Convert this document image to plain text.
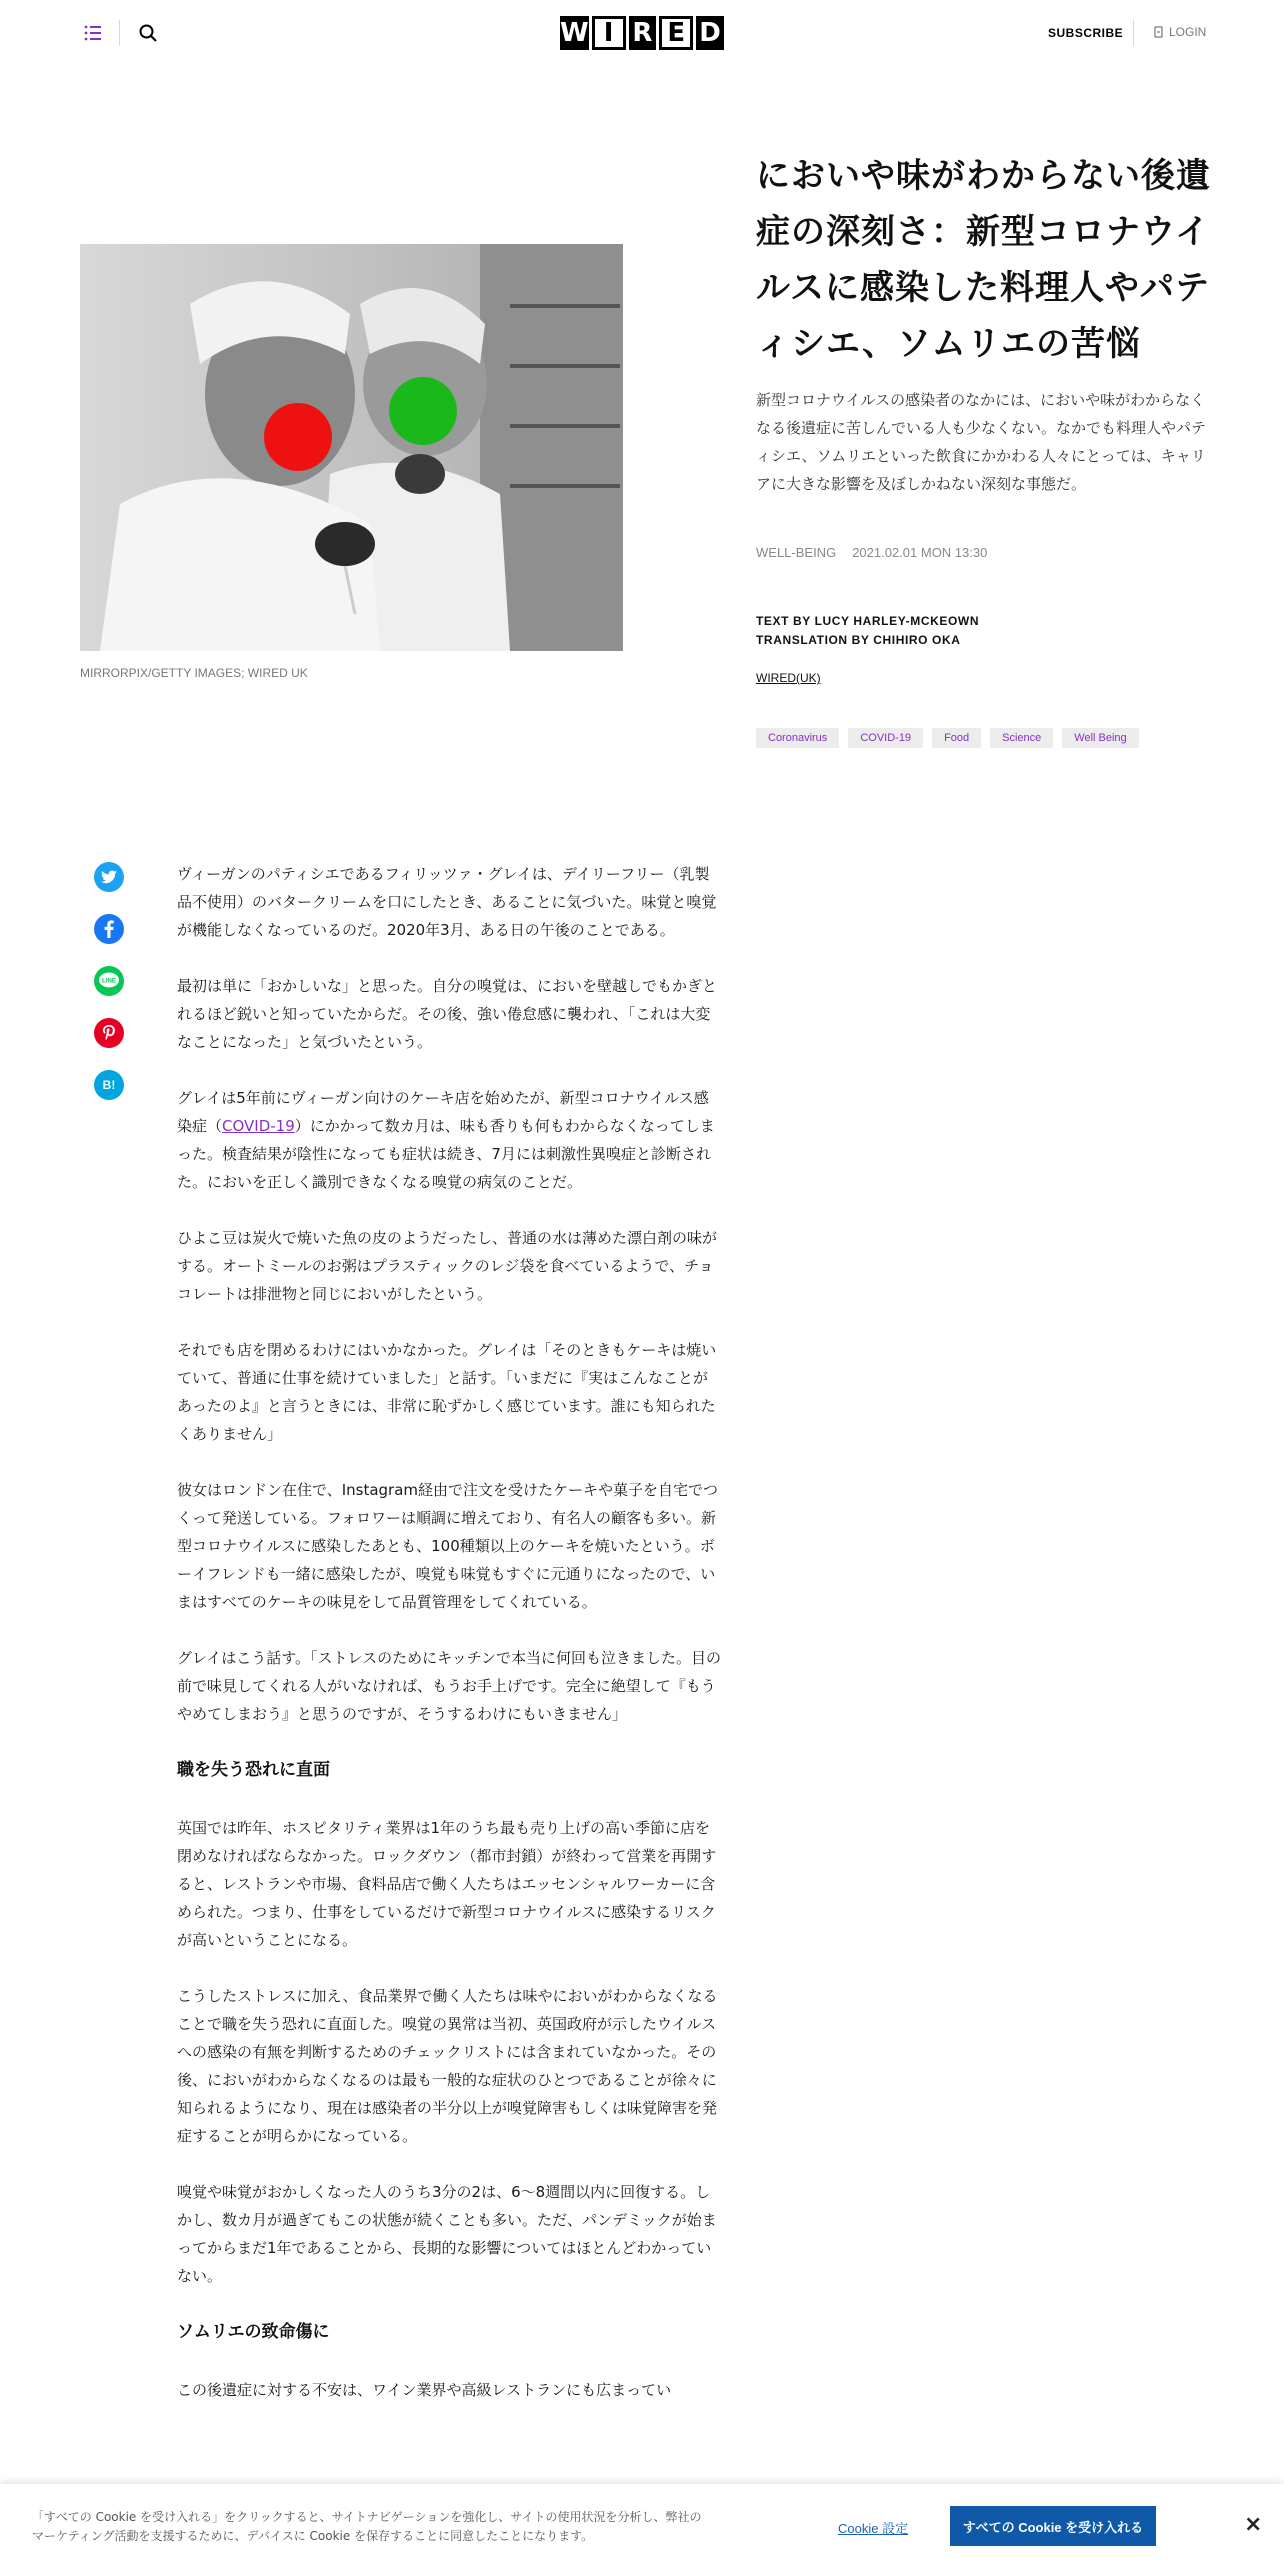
W I R E D	SUBSCRIBE	LOGIN
MIRRORPIX/GETTY IMAGES; WIRED UK
においや味がわからない後遺症の深刻さ：新型コロナウイルスに感染した料理人やパティシエ、ソムリエの苦悩

新型コロナウイルスの感染者のなかには、においや味がわからなくなる後遺症に苦しんでいる人も少なくない。なかでも料理人やパティシエ、ソムリエといった飲食にかかわる人々にとっては、キャリアに大きな影響を及ぼしかねない深刻な事態だ。

WELL-BEING 2021.02.01 MON 13:30
TEXT BY LUCY HARLEY-MCKEOWN
TRANSLATION BY CHIHIRO OKA
WIRED(UK)
Coronavirus	COVID-19	Food	Science	Well Being
LINE
B!

ヴィーガンのパティシエであるフィリッツァ・グレイは、デイリーフリー（乳製品不使用）のバタークリームを口にしたとき、あることに気づいた。味覚と嗅覚が機能しなくなっているのだ。2020年3月、ある日の午後のことである。

最初は単に「おかしいな」と思った。自分の嗅覚は、においを壁越しでもかぎとれるほど鋭いと知っていたからだ。その後、強い倦怠感に襲われ、「これは大変なことになった」と気づいたという。

グレイは5年前にヴィーガン向けのケーキ店を始めたが、新型コロナウイルス感染症（COVID-19）にかかって数カ月は、味も香りも何もわからなくなってしまった。検査結果が陰性になっても症状は続き、7月には刺激性異嗅症と診断された。においを正しく識別できなくなる嗅覚の病気のことだ。

ひよこ豆は炭火で焼いた魚の皮のようだったし、普通の水は薄めた漂白剤の味がする。オートミールのお粥はプラスティックのレジ袋を食べているようで、チョコレートは排泄物と同じにおいがしたという。

それでも店を閉めるわけにはいかなかった。グレイは「そのときもケーキは焼いていて、普通に仕事を続けていました」と話す。「いまだに『実はこんなことがあったのよ』と言うときには、非常に恥ずかしく感じています。誰にも知られたくありません」

彼女はロンドン在住で、Instagram経由で注文を受けたケーキや菓子を自宅でつくって発送している。フォロワーは順調に増えており、有名人の顧客も多い。新型コロナウイルスに感染したあとも、100種類以上のケーキを焼いたという。ボーイフレンドも一緒に感染したが、嗅覚も味覚もすぐに元通りになったので、いまはすべてのケーキの味見をして品質管理をしてくれている。

グレイはこう話す。「ストレスのためにキッチンで本当に何回も泣きました。目の前で味見してくれる人がいなければ、もうお手上げです。完全に絶望して『もうやめてしまおう』と思うのですが、そうするわけにもいきません」

職を失う恐れに直面

英国では昨年、ホスピタリティ業界は1年のうち最も売り上げの高い季節に店を閉めなければならなかった。ロックダウン（都市封鎖）が終わって営業を再開すると、レストランや市場、食料品店で働く人たちはエッセンシャルワーカーに含められた。つまり、仕事をしているだけで新型コロナウイルスに感染するリスクが高いということになる。

こうしたストレスに加え、食品業界で働く人たちは味やにおいがわからなくなることで職を失う恐れに直面した。嗅覚の異常は当初、英国政府が示したウイルスへの感染の有無を判断するためのチェックリストには含まれていなかった。その後、においがわからなくなるのは最も一般的な症状のひとつであることが徐々に知られるようになり、現在は感染者の半分以上が嗅覚障害もしくは味覚障害を発症することが明らかになっている。

嗅覚や味覚がおかしくなった人のうち3分の2は、6〜8週間以内に回復する。しかし、数カ月が過ぎてもこの状態が続くことも多い。ただ、パンデミックが始まってからまだ1年であることから、長期的な影響についてはほとんどわかっていない。

ソムリエの致命傷に

この後遺症に対する不安は、ワイン業界や高級レストランにも広まってい

「すべての Cookie を受け入れる」をクリックすると、サイトナビゲーションを強化し、サイトの使用状況を分析し、弊社のマーケティング活動を支援するために、デバイスに Cookie を保存することに同意したことになります。	Cookie 設定	すべての Cookie を受け入れる	×
